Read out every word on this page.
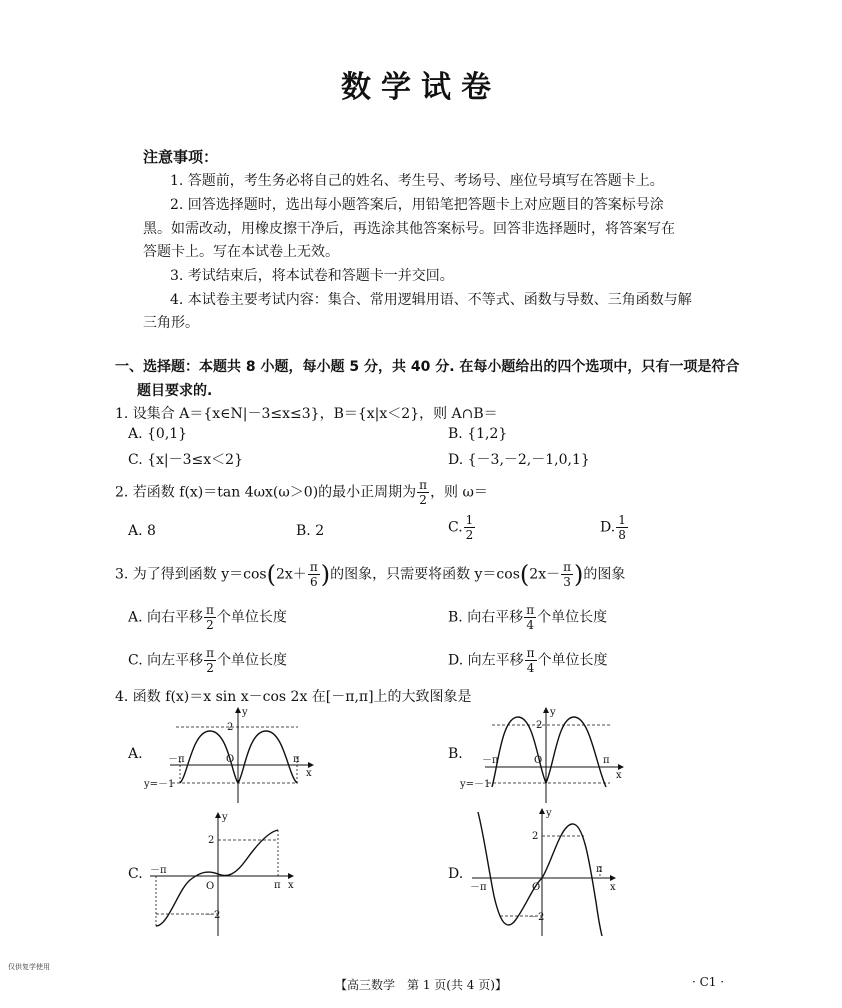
数学试卷
注意事项：
1. 答题前，考生务必将自己的姓名、考生号、考场号、座位号填写在答题卡上。
2. 回答选择题时，选出每小题答案后，用铅笔把答题卡上对应题目的答案标号涂
黑。如需改动，用橡皮擦干净后，再选涂其他答案标号。回答非选择题时，将答案写在
答题卡上。写在本试卷上无效。
3. 考试结束后，将本试卷和答题卡一并交回。
4. 本试卷主要考试内容：集合、常用逻辑用语、不等式、函数与导数、三角函数与解
三角形。
一、选择题：本题共 8 小题，每小题 5 分，共 40 分. 在每小题给出的四个选项中，只有一项是符合
题目要求的.
1. 设集合 A＝{x∈N|－3≤x≤3}，B＝{x|x＜2}，则 A∩B＝
A. {0,1}	B. {1,2}
C. {x|－3≤x＜2}	D. {－3,－2,－1,0,1}
2. 若函数 f(x)＝tan 4ωx(ω＞0)的最小正周期为 $\frac{\pi}{2}$ ，则 ω＝
A. 8	B. 2	C. $\frac{1}{2}$	D. $\frac{1}{8}$
3. 为了得到函数 $y=\cos(2x+ \frac{\pi}{6}$ )的图象，只需要将函数 $y=\cos(2x- \frac{\pi}{3}$ )的图象
A. 向右平移 $\frac{\pi}{2}$ 个单位长度	B. 向右平移 $\frac{\pi}{4}$ 个单位长度
C. 向左平移 $\frac{\pi}{2}$ 个单位长度	D. 向左平移 $\frac{\pi}{4}$ 个单位长度
4. 函数 f(x)＝x sin x－cos 2x 在[－π,π]上的大致图象是
A.
y
2
－π	O	π
x
y=－1
B.
y
2
－π	O	π
x
y=－1
C.
y
2
－π
O	π x
－2
D.
y
2
－π	O
π
x
－2
仅供复学使用
【高三数学　第 1 页(共 4 页)】	· C1 ·
